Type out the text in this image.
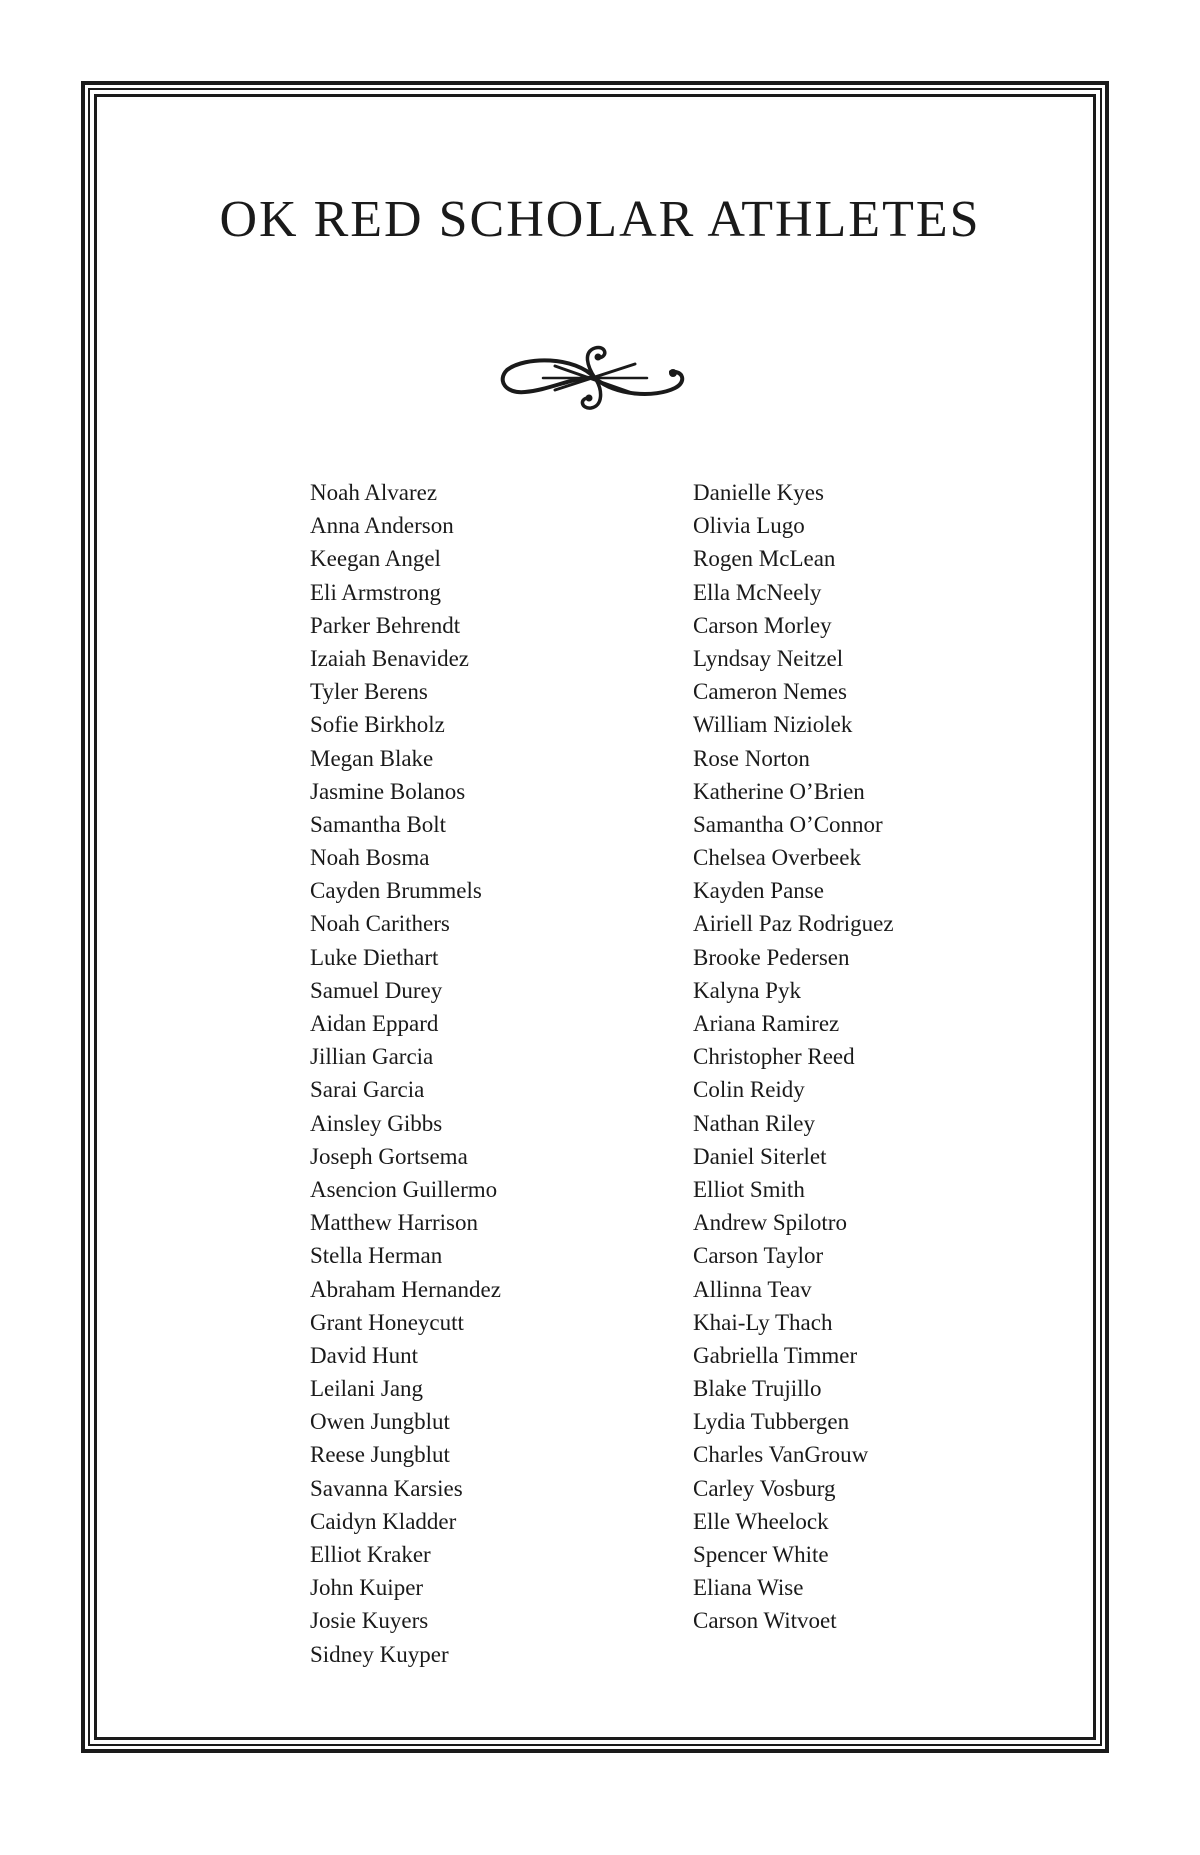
OK RED SCHOLAR ATHLETES
Noah Alvarez
Anna Anderson
Keegan Angel
Eli Armstrong
Parker Behrendt
Izaiah Benavidez
Tyler Berens
Sofie Birkholz
Megan Blake
Jasmine Bolanos
Samantha Bolt
Noah Bosma
Cayden Brummels
Noah Carithers
Luke Diethart
Samuel Durey
Aidan Eppard
Jillian Garcia
Sarai Garcia
Ainsley Gibbs
Joseph Gortsema
Asencion Guillermo
Matthew Harrison
Stella Herman
Abraham Hernandez
Grant Honeycutt
David Hunt
Leilani Jang
Owen Jungblut
Reese Jungblut
Savanna Karsies
Caidyn Kladder
Elliot Kraker
John Kuiper
Josie Kuyers
Sidney Kuyper
Danielle Kyes
Olivia Lugo
Rogen McLean
Ella McNeely
Carson Morley
Lyndsay Neitzel
Cameron Nemes
William Niziolek
Rose Norton
Katherine O’Brien
Samantha O’Connor
Chelsea Overbeek
Kayden Panse
Airiell Paz Rodriguez
Brooke Pedersen
Kalyna Pyk
Ariana Ramirez
Christopher Reed
Colin Reidy
Nathan Riley
Daniel Siterlet
Elliot Smith
Andrew Spilotro
Carson Taylor
Allinna Teav
Khai-Ly Thach
Gabriella Timmer
Blake Trujillo
Lydia Tubbergen
Charles VanGrouw
Carley Vosburg
Elle Wheelock
Spencer White
Eliana Wise
Carson Witvoet
